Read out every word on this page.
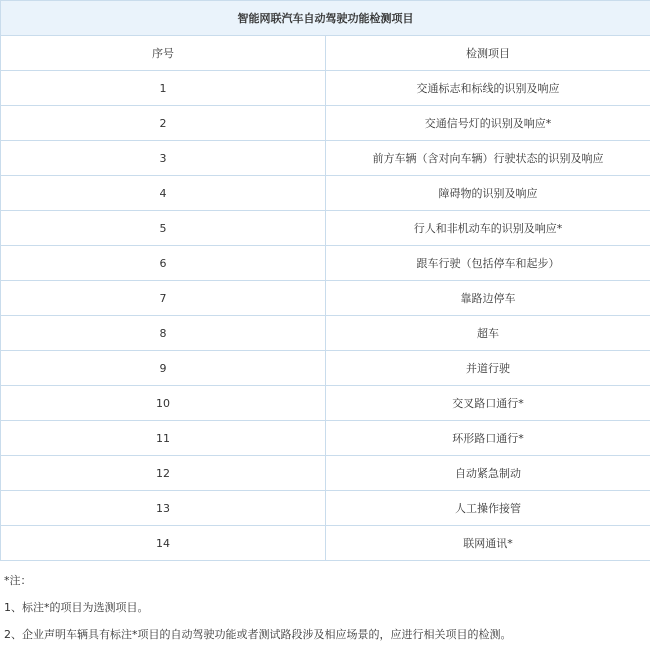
智能网联汽车自动驾驶功能检测项目	
序号	检测项目
1	交通标志和标线的识别及响应
2	交通信号灯的识别及响应*
3	前方车辆（含对向车辆）行驶状态的识别及响应
4	障碍物的识别及响应
5	行人和非机动车的识别及响应*
6	跟车行驶（包括停车和起步）
7	靠路边停车
8	超车
9	并道行驶
10	交叉路口通行*
11	环形路口通行*
12	自动紧急制动
13	人工操作接管
14	联网通讯*
*注：
1、标注*的项目为选测项目。
2、企业声明车辆具有标注*项目的自动驾驶功能或者测试路段涉及相应场景的，应进行相关项目的检测。
